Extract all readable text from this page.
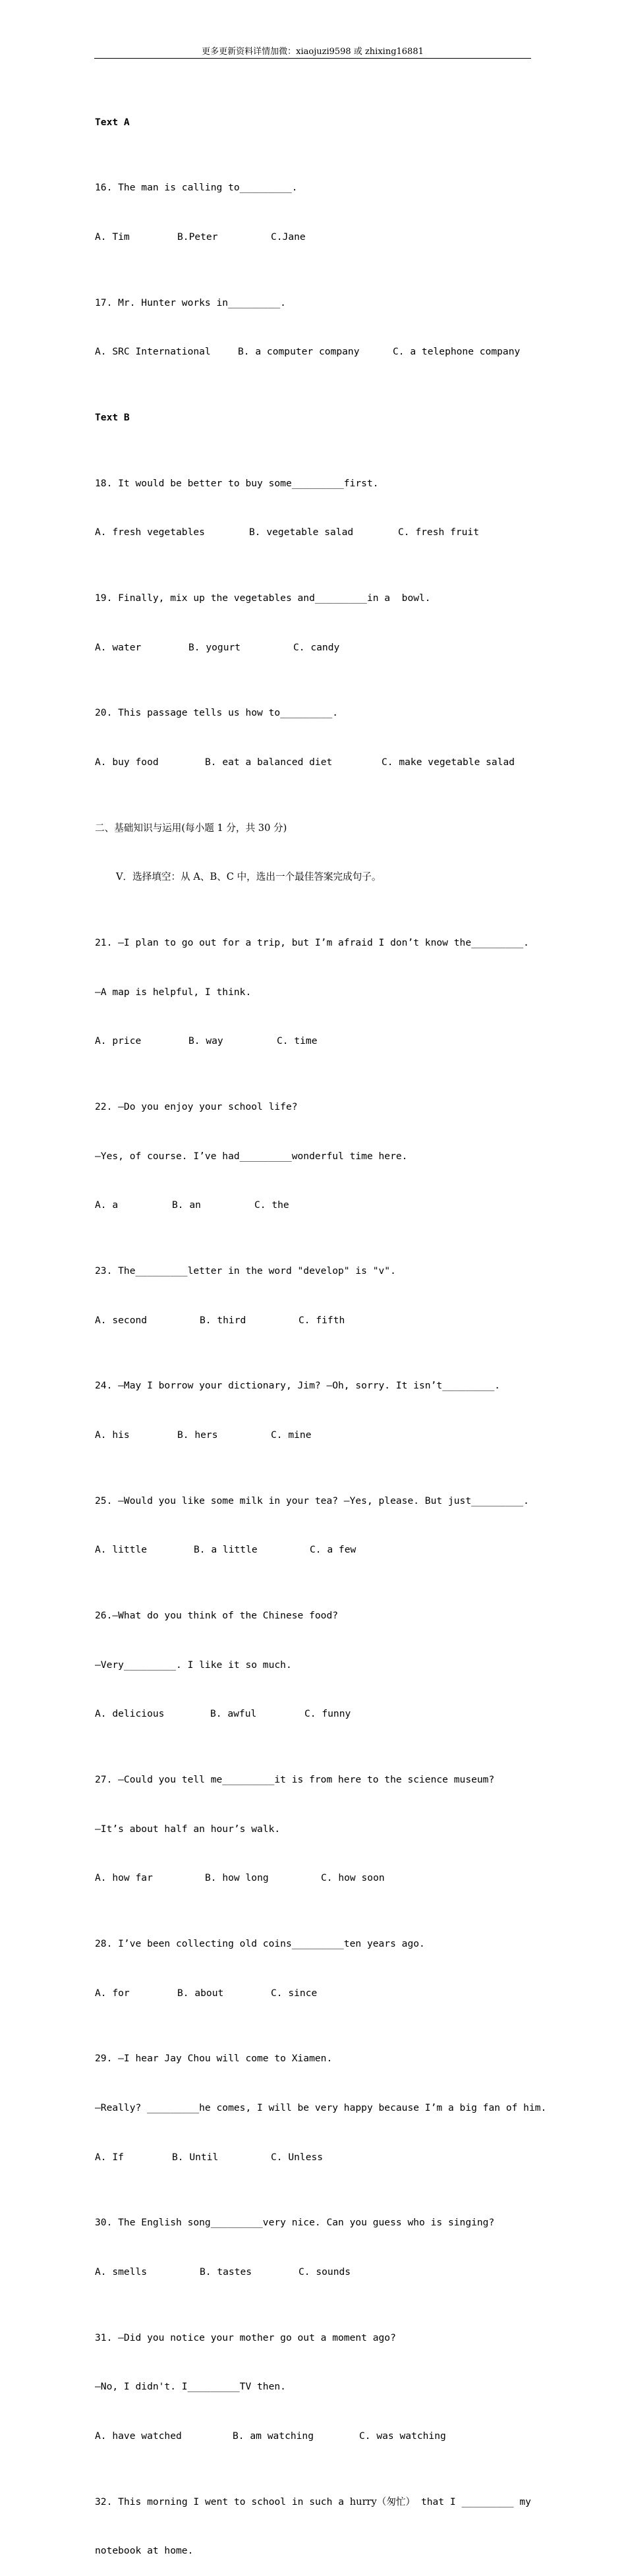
更多更新资料详情加微：xiaojuzi9598 或 zhixing16881

Text A

16. The man is calling to_________.

A. Tim	B.Peter	C.Jane

17. Mr. Hunter works in_________.

A. SRC International	B. a computer company	C. a telephone company

Text B

18. It would be better to buy some_________first.

A. fresh vegetables	B. vegetable salad	C. fresh fruit

19. Finally, mix up the vegetables and_________in a  bowl.

A. water	B. yogurt	C. candy

20. This passage tells us how to_________.

A. buy food	B. eat a balanced diet	C. make vegetable salad

二、基础知识与运用(每小题 1 分，共 30 分)

V．选择填空：从 A、B、C 中，选出一个最佳答案完成句子。

21. —I plan to go out for a trip, but I’m afraid I don’t know the_________.

—A map is helpful, I think.

A. price	B. way	C. time

22. —Do you enjoy your school life?

—Yes, of course. I’ve had_________wonderful time here.

A. a	B. an	C. the

23. The_________letter in the word "develop" is "v".

A. second	B. third	C. fifth

24. —May I borrow your dictionary, Jim? —Oh, sorry. It isn’t_________.

A. his	B. hers	C. mine

25. —Would you like some milk in your tea? —Yes, please. But just_________.

A. little	B. a little	C. a few

26.—What do you think of the Chinese food?

—Very_________. I like it so much.

A. delicious	B. awful	C. funny

27. —Could you tell me_________it is from here to the science museum?

—It’s about half an hour’s walk.

A. how far	B. how long	C. how soon

28. I’ve been collecting old coins_________ten years ago.

A. for	B. about	C. since

29. —I hear Jay Chou will come to Xiamen.

—Really? _________he comes, I will be very happy because I’m a big fan of him.

A. If	B. Until	C. Unless

30. The English song_________very nice. Can you guess who is singing?

A. smells	B. tastes	C. sounds

31. —Did you notice your mother go out a moment ago?

—No, I didn't. I_________TV then.

A. have watched	B. am watching	C. was watching

32. This morning I went to school in such a hurry（匆忙） that I _________ my

notebook at home.
